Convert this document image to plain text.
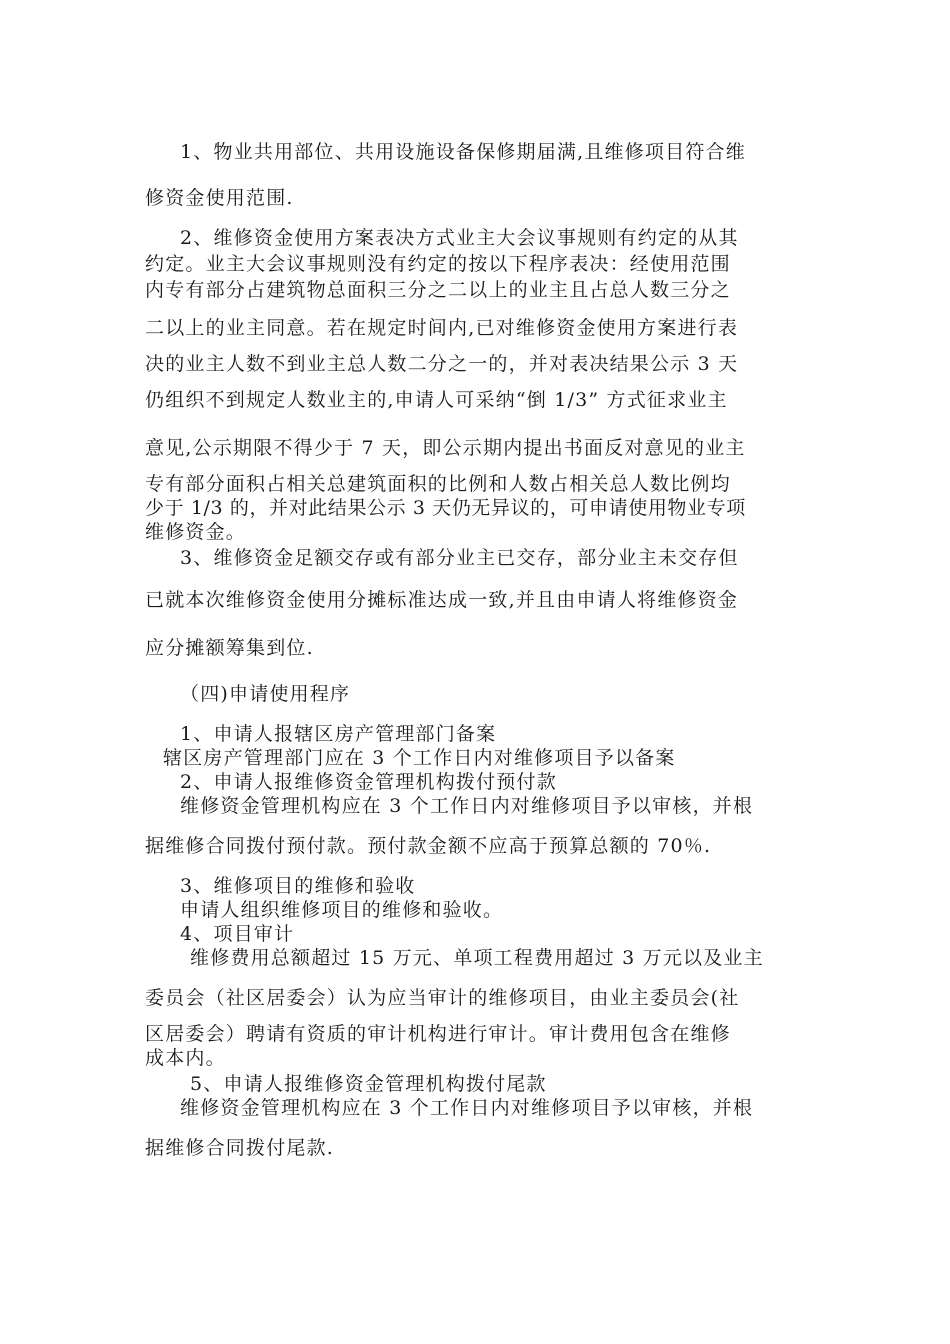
1、物业共用部位、共用设施设备保修期届满,且维修项目符合维
修资金使用范围.
2、维修资金使用方案表决方式业主大会议事规则有约定的从其
约定。业主大会议事规则没有约定的按以下程序表决：经使用范围
内专有部分占建筑物总面积三分之二以上的业主且占总人数三分之
二以上的业主同意。若在规定时间内,已对维修资金使用方案进行表
决的业主人数不到业主总人数二分之一的，并对表决结果公示 3 天
仍组织不到规定人数业主的,申请人可采纳“倒 1/3” 方式征求业主
意见,公示期限不得少于 7 天，即公示期内提出书面反对意见的业主
专有部分面积占相关总建筑面积的比例和人数占相关总人数比例均
少于 1/3 的，并对此结果公示 3 天仍无异议的，可申请使用物业专项
维修资金。
3、维修资金足额交存或有部分业主已交存，部分业主未交存但
已就本次维修资金使用分摊标准达成一致,并且由申请人将维修资金
应分摊额筹集到位.
（四)申请使用程序
1、申请人报辖区房产管理部门备案
辖区房产管理部门应在 3 个工作日内对维修项目予以备案
2、申请人报维修资金管理机构拨付预付款
维修资金管理机构应在 3 个工作日内对维修项目予以审核，并根
据维修合同拨付预付款。预付款金额不应高于预算总额的 70％.
3、维修项目的维修和验收
申请人组织维修项目的维修和验收。
4、项目审计
维修费用总额超过 15 万元、单项工程费用超过 3 万元以及业主
委员会（社区居委会）认为应当审计的维修项目，由业主委员会(社
区居委会）聘请有资质的审计机构进行审计。审计费用包含在维修
成本内。
5、申请人报维修资金管理机构拨付尾款
维修资金管理机构应在 3 个工作日内对维修项目予以审核，并根
据维修合同拨付尾款.
